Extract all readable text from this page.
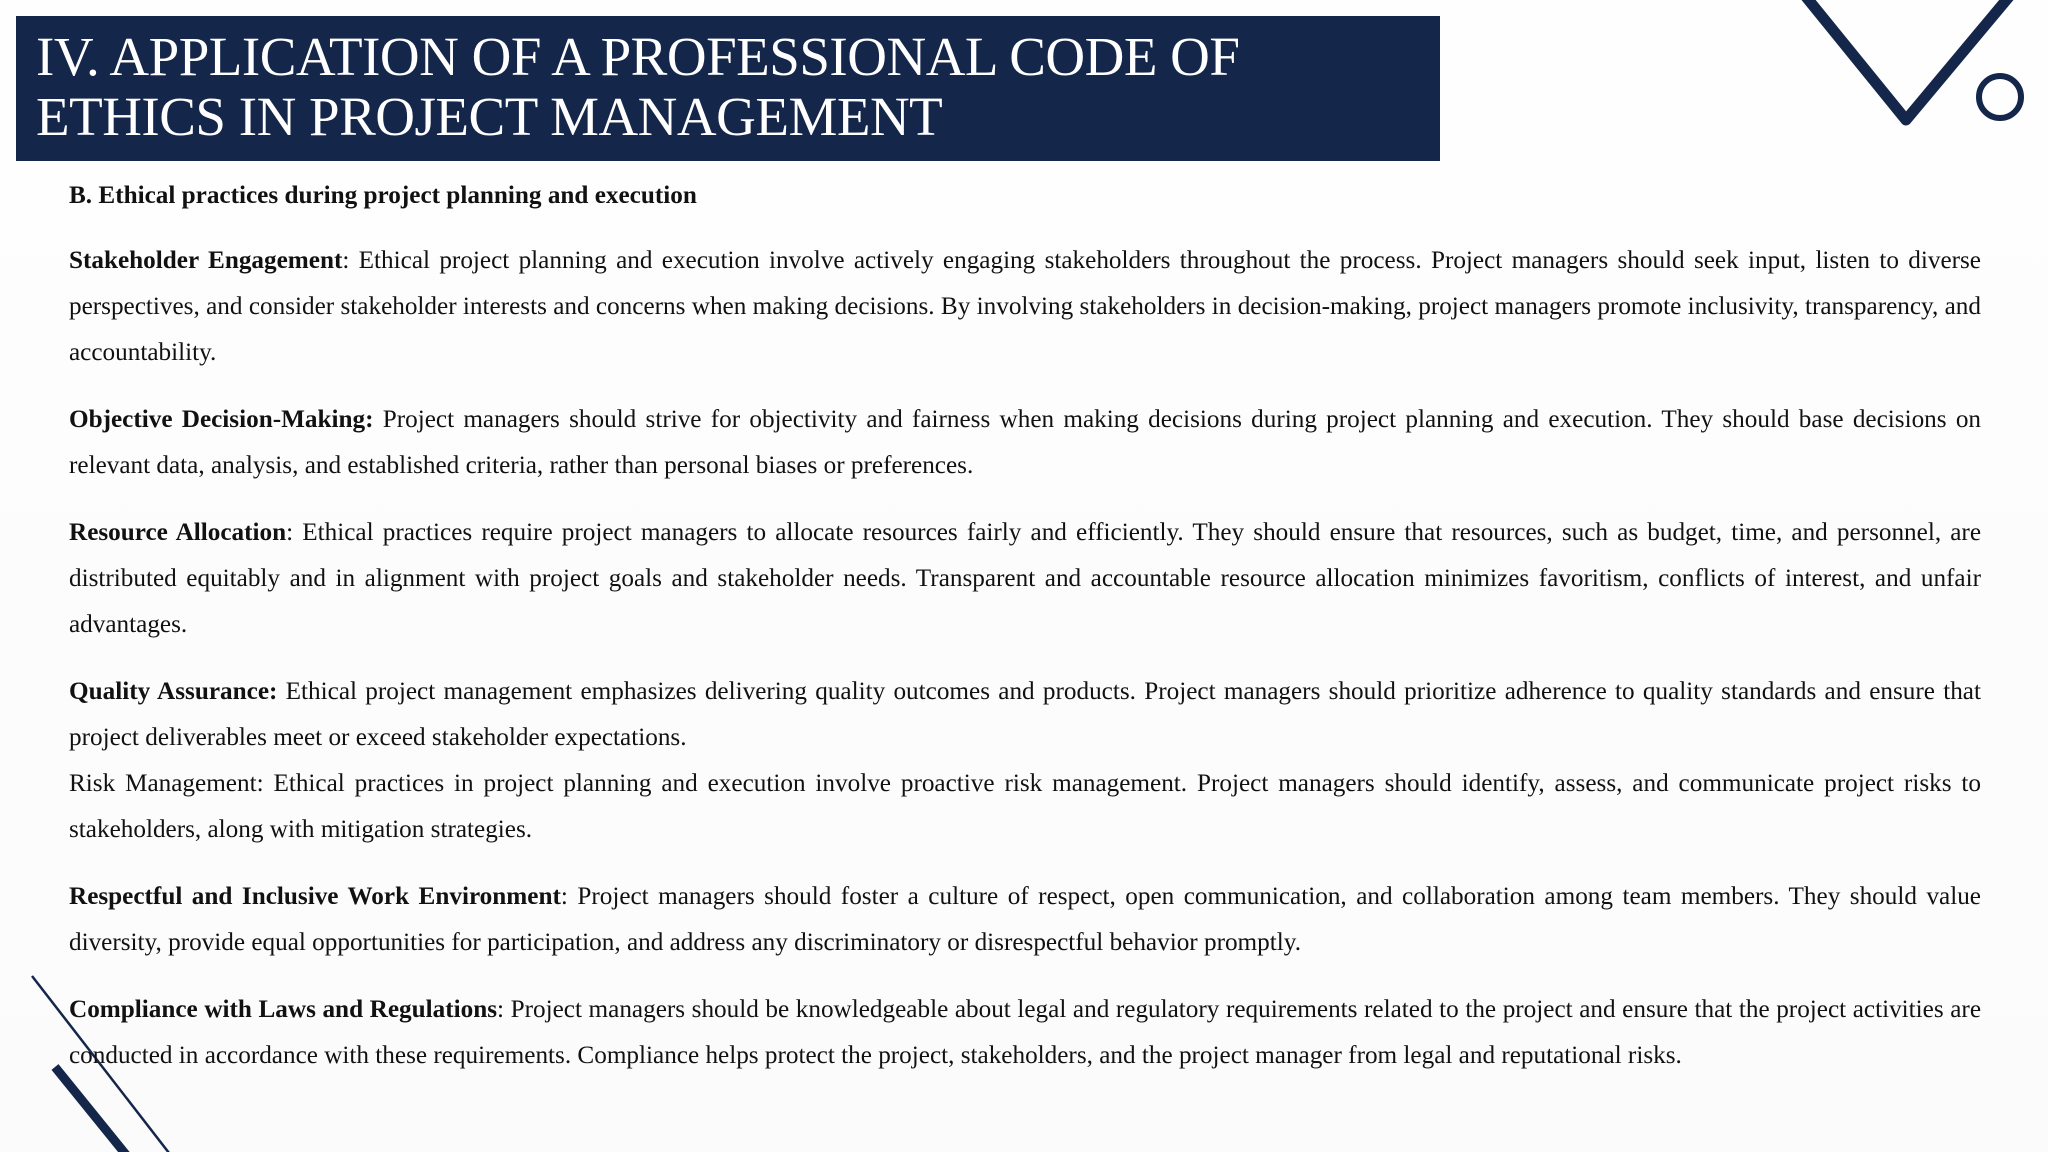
IV. APPLICATION OF A PROFESSIONAL CODE OF ETHICS IN PROJECT MANAGEMENT
B. Ethical practices during project planning and execution

Stakeholder Engagement: Ethical project planning and execution involve actively engaging stakeholders throughout the process. Project managers should seek input, listen to diverse perspectives, and consider stakeholder interests and concerns when making decisions. By involving stakeholders in decision-making, project managers promote inclusivity, transparency, and accountability.

Objective Decision-Making: Project managers should strive for objectivity and fairness when making decisions during project planning and execution. They should base decisions on relevant data, analysis, and established criteria, rather than personal biases or preferences.

Resource Allocation: Ethical practices require project managers to allocate resources fairly and efficiently. They should ensure that resources, such as budget, time, and personnel, are distributed equitably and in alignment with project goals and stakeholder needs. Transparent and accountable resource allocation minimizes favoritism, conflicts of interest, and unfair advantages.

Quality Assurance: Ethical project management emphasizes delivering quality outcomes and products. Project managers should prioritize adherence to quality standards and ensure that project deliverables meet or exceed stakeholder expectations.

Risk Management: Ethical practices in project planning and execution involve proactive risk management. Project managers should identify, assess, and communicate project risks to stakeholders, along with mitigation strategies.

Respectful and Inclusive Work Environment: Project managers should foster a culture of respect, open communication, and collaboration among team members. They should value diversity, provide equal opportunities for participation, and address any discriminatory or disrespectful behavior promptly.

Compliance with Laws and Regulations: Project managers should be knowledgeable about legal and regulatory requirements related to the project and ensure that the project activities are conducted in accordance with these requirements. Compliance helps protect the project, stakeholders, and the project manager from legal and reputational risks.
